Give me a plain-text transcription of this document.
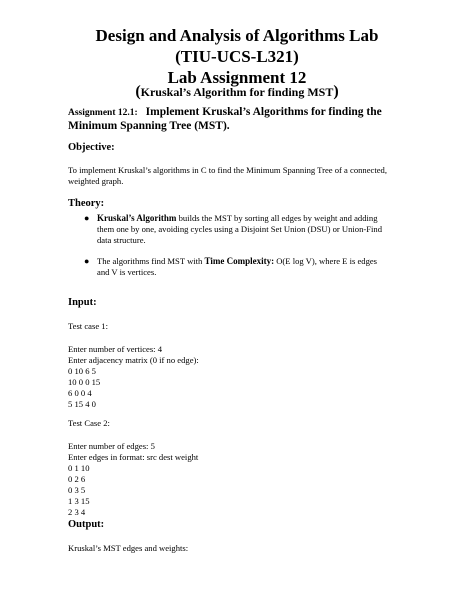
Design and Analysis of Algorithms Lab
(TIU-UCS-L321)
Lab Assignment 12
(Kruskal’s Algorithm for finding MST)
Assignment 12.1: Implement Kruskal’s Algorithms for finding the
Minimum Spanning Tree (MST).
Objective:
To implement Kruskal’s algorithms in C to find the Minimum Spanning Tree of a connected,
weighted graph.
Theory:
● Kruskal’s Algorithm builds the MST by sorting all edges by weight and adding
them one by one, avoiding cycles using a Disjoint Set Union (DSU) or Union-Find
data structure.
● The algorithms find MST with Time Complexity: O(E log V), where E is edges
and V is vertices.
Input:
Test case 1:
Enter number of vertices: 4
Enter adjacency matrix (0 if no edge):
0 10 6 5
10 0 0 15
6 0 0 4
5 15 4 0
Test Case 2:
Enter number of edges: 5
Enter edges in format: src dest weight
0 1 10
0 2 6
0 3 5
1 3 15
2 3 4
Output:
Kruskal’s MST edges and weights:
